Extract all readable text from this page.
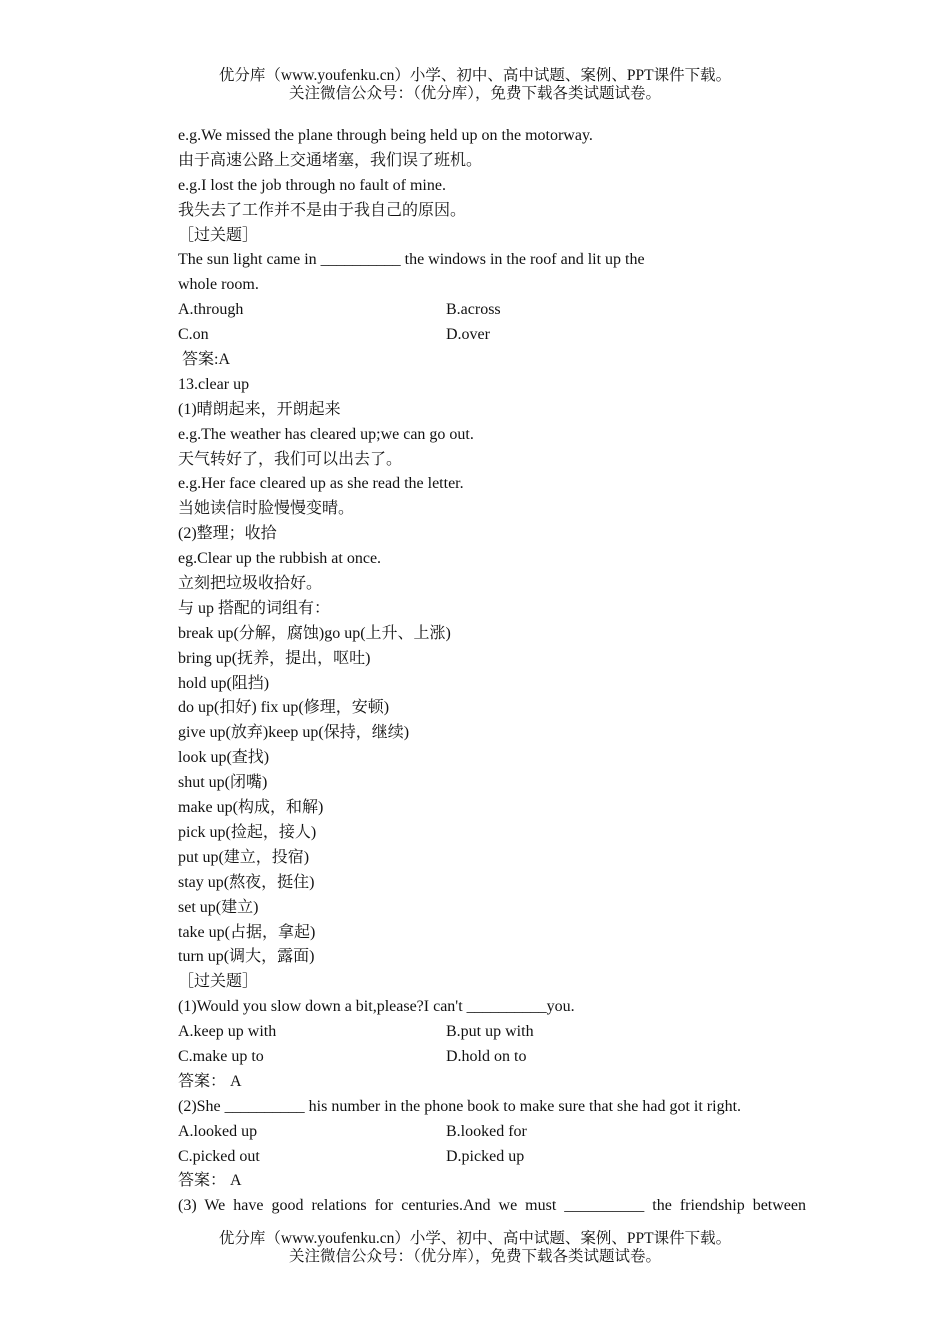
优分库（www.youfenku.cn）小学、初中、高中试题、案例、PPT课件下载。
关注微信公众号：（优分库），免费下载各类试题试卷。
e.g.We missed the plane through being held up on the motorway.
由于高速公路上交通堵塞，我们误了班机。
e.g.I lost the job through no fault of mine.
我失去了工作并不是由于我自己的原因。
［过关题］
The sun light came in __________ the windows in the roof and lit up the
whole room.
A.through	B.across
C.on	D.over
答案:A
13.clear up
(1)晴朗起来，开朗起来
e.g.The weather has cleared up;we can go out.
天气转好了，我们可以出去了。
e.g.Her face cleared up as she read the letter.
当她读信时脸慢慢变晴。
(2)整理；收拾
eg.Clear up the rubbish at once.
立刻把垃圾收拾好。
与 up 搭配的词组有：
break up(分解，腐蚀)go up(上升、上涨)
bring up(抚养，提出，呕吐)
hold up(阻挡)
do up(扣好) fix up(修理，安顿)
give up(放弃)keep up(保持，继续)
look up(查找)
shut up(闭嘴)
make up(构成，和解)
pick up(捡起，接人)
put up(建立，投宿)
stay up(熬夜，挺住)
set up(建立)
take up(占据，拿起)
turn up(调大，露面)
［过关题］
(1)Would you slow down a bit,please?I can't __________you.
A.keep up with	B.put up with
C.make up to	D.hold on to
答案： A
(2)She __________ his number in the phone book to make sure that she had got it right.
A.looked up	B.looked for
C.picked out	D.picked up
答案： A
(3) We have good relations for centuries.And we must __________ the friendship between
优分库（www.youfenku.cn）小学、初中、高中试题、案例、PPT课件下载。
关注微信公众号：（优分库），免费下载各类试题试卷。
